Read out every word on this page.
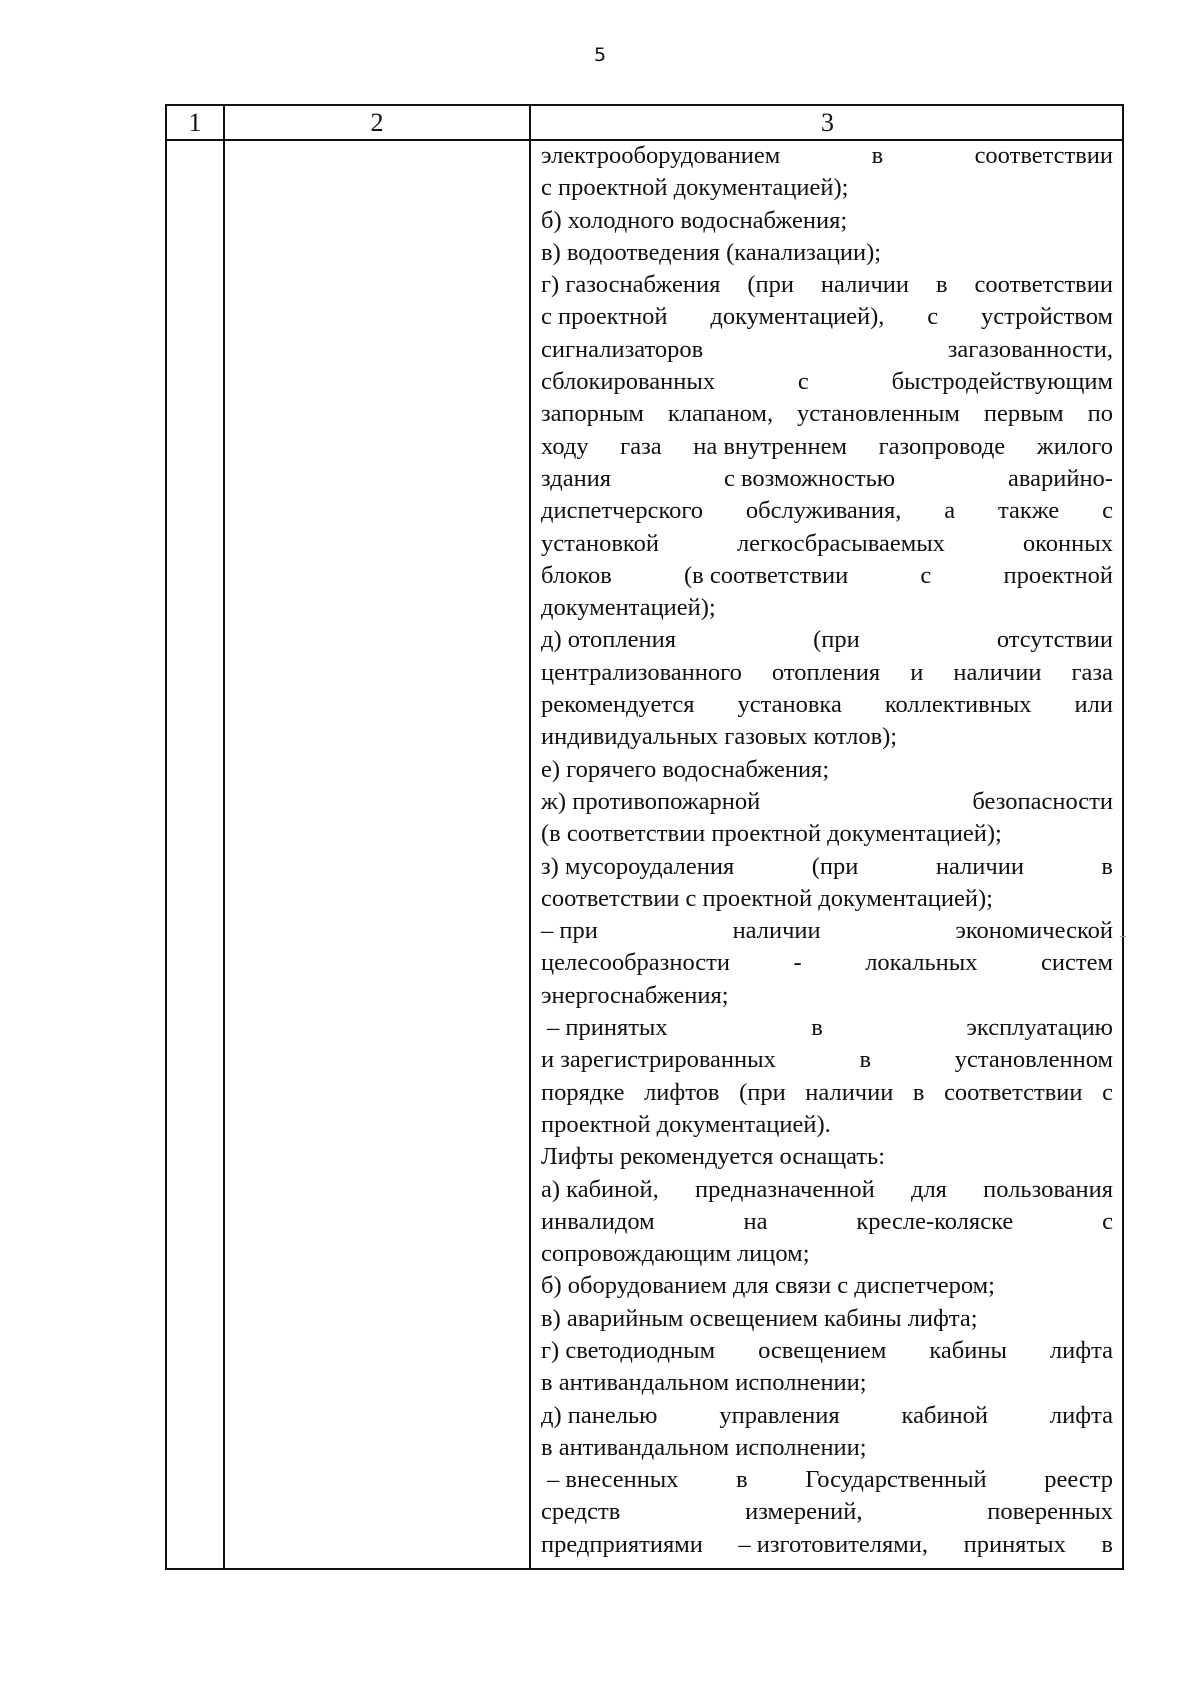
5
1	2	3
электрооборудованием	в	соответствии
с проектной документацией);
б) холодного водоснабжения;
в) водоотведения (канализации);
г) газоснабжения (при наличии в соответствии
с проектной документацией), с устройством
сигнализаторов	загазованности,
сблокированных	с	быстродействующим
запорным клапаном, установленным первым по
ходу газа на внутреннем газопроводе жилого
здания	с возможностью	аварийно-
диспетчерского обслуживания, а также с
установкой	легкосбрасываемых	оконных
блоков	(в соответствии	с	проектной
документацией);
д) отопления	(при	отсутствии
централизованного отопления и наличии газа
рекомендуется установка коллективных или
индивидуальных газовых котлов);
е) горячего водоснабжения;
ж) противопожарной	безопасности
(в соответствии проектной документацией);
з) мусороудаления	(при	наличии	в
соответствии с проектной документацией);
– при	наличии	экономической
целесообразности	-	локальных	систем
энергоснабжения;
– принятых	в	эксплуатацию
и зарегистрированных	в	установленном
порядке лифтов (при наличии в соответствии с
проектной документацией).
Лифты рекомендуется оснащать:
а) кабиной, предназначенной для пользования
инвалидом	на	кресле-коляске	с
сопровождающим лицом;
б) оборудованием для связи с диспетчером;
в) аварийным освещением кабины лифта;
г) светодиодным освещением кабины лифта
в антивандальном исполнении;
д) панелью	управления	кабиной	лифта
в антивандальном исполнении;
– внесенных в Государственный реестр
средств	измерений,	поверенных
предприятиями – изготовителями, принятых в
